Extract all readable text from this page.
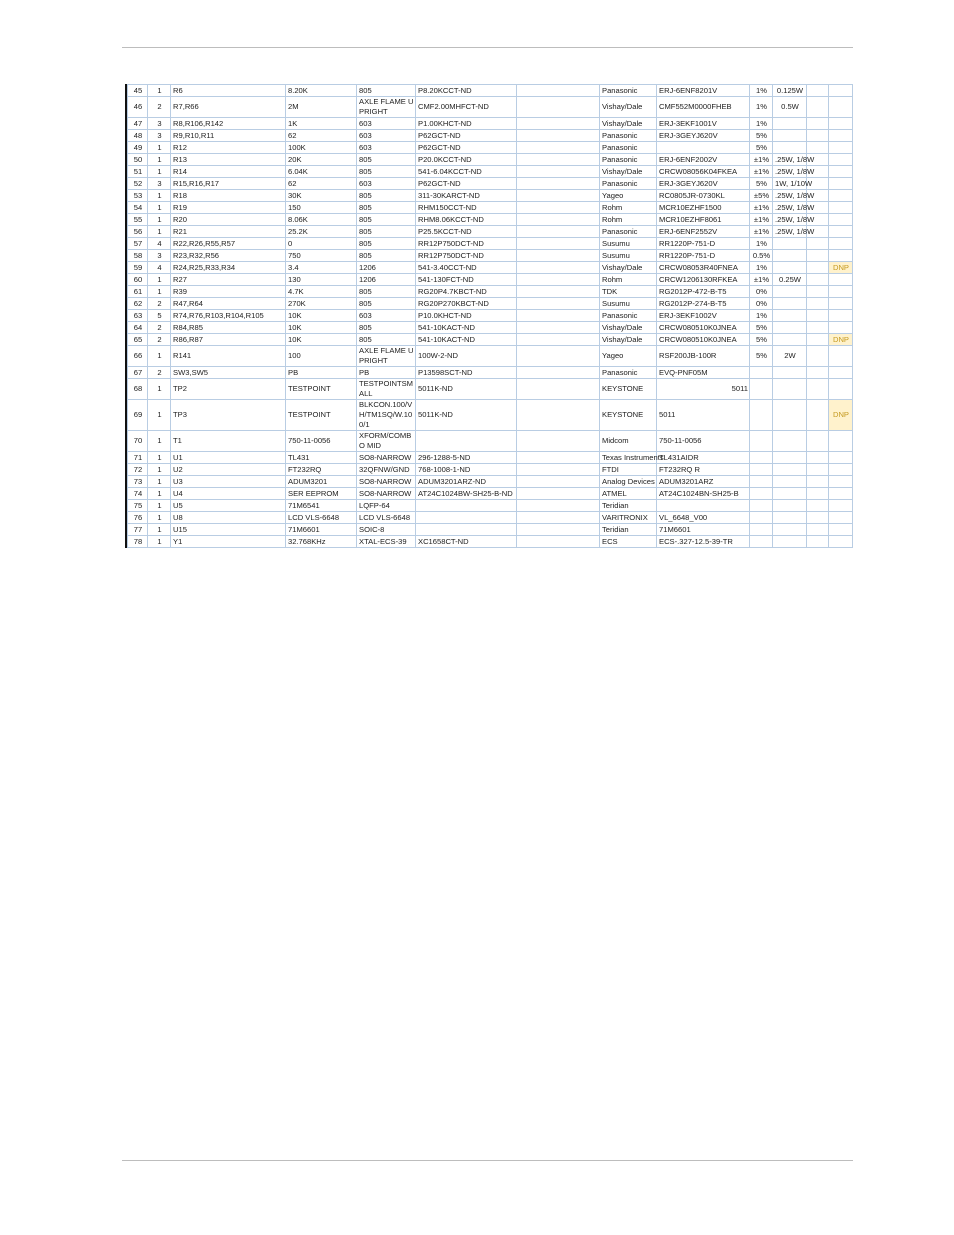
45	1	R6	8.20K	805	P8.20KCCT-ND		Panasonic	ERJ-6ENF8201V	1%	0.125W		
46	2	R7,R66	2M	AXLE FLAME UPRIGHT	CMF2.00MHFCT-ND		Vishay/Dale	CMF552M0000FHEB	1%	0.5W		
47	3	R8,R106,R142	1K	603	P1.00KHCT-ND		Vishay/Dale	ERJ-3EKF1001V	1%			
48	3	R9,R10,R11	62	603	P62GCT-ND		Panasonic	ERJ-3GEYJ620V	5%			
49	1	R12	100K	603	P62GCT-ND		Panasonic		5%			
50	1	R13	20K	805	P20.0KCCT-ND		Panasonic	ERJ-6ENF2002V	±1%	.25W, 1/8W		
51	1	R14	6.04K	805	541-6.04KCCT-ND		Vishay/Dale	CRCW08056K04FKEA	±1%	.25W, 1/8W		
52	3	R15,R16,R17	62	603	P62GCT-ND		Panasonic	ERJ-3GEYJ620V	5%	1W, 1/10W		
53	1	R18	30K	805	311-30KARCT-ND		Yageo	RC0805JR-0730KL	±5%	.25W, 1/8W		
54	1	R19	150	805	RHM150CCT-ND		Rohm	MCR10EZHF1500	±1%	.25W, 1/8W		
55	1	R20	8.06K	805	RHM8.06KCCT-ND		Rohm	MCR10EZHF8061	±1%	.25W, 1/8W		
56	1	R21	25.2K	805	P25.5KCCT-ND		Panasonic	ERJ-6ENF2552V	±1%	.25W, 1/8W		
57	4	R22,R26,R55,R57	0	805	RR12P750DCT-ND		Susumu	RR1220P-751-D	1%			
58	3	R23,R32,R56	750	805	RR12P750DCT-ND		Susumu	RR1220P-751-D	0.5%			
59	4	R24,R25,R33,R34	3.4	1206	541-3.40CCT-ND		Vishay/Dale	CRCW08053R40FNEA	1%			DNP
60	1	R27	130	1206	541-130FCT-ND		Rohm	CRCW1206130RFKEA	±1%	0.25W		
61	1	R39	4.7K	805	RG20P4.7KBCT-ND		TDK	RG2012P-472-B-T5	0%			
62	2	R47,R64	270K	805	RG20P270KBCT-ND		Susumu	RG2012P-274-B-T5	0%			
63	5	R74,R76,R103,R104,R105	10K	603	P10.0KHCT-ND		Panasonic	ERJ-3EKF1002V	1%			
64	2	R84,R85	10K	805	541-10KACT-ND		Vishay/Dale	CRCW080510K0JNEA	5%			
65	2	R86,R87	10K	805	541-10KACT-ND		Vishay/Dale	CRCW080510K0JNEA	5%			DNP
66	1	R141	100	AXLE FLAME UPRIGHT	100W-2-ND		Yageo	RSF200JB-100R	5%	2W		
67	2	SW3,SW5	PB	PB	P13598SCT-ND		Panasonic	EVQ-PNF05M				
68	1	TP2	TESTPOINT	TESTPOINTSMALL	5011K-ND		KEYSTONE	5011				
69	1	TP3	TESTPOINT	BLKCON.100/VH/TM1SQ/W.100/1	5011K-ND		KEYSTONE	5011				DNP
70	1	T1	750-11-0056	XFORM/COMBO MID			Midcom	750-11-0056				
71	1	U1	TL431	SO8-NARROW	296-1288-5-ND		Texas Instruments	TL431AIDR				
72	1	U2	FT232RQ	32QFNW/GND	768-1008-1-ND		FTDI	FT232RQ R				
73	1	U3	ADUM3201	SO8-NARROW	ADUM3201ARZ-ND		Analog Devices	ADUM3201ARZ				
74	1	U4	SER EEPROM	SO8-NARROW	AT24C1024BW-SH25-B-ND		ATMEL	AT24C1024BN-SH25-B				
75	1	U5	71M6541	LQFP-64			Teridian					
76	1	U8	LCD VLS-6648	LCD VLS-6648			VARITRONIX	VL_6648_V00				
77	1	U15	71M6601	SOIC-8			Teridian	71M6601				
78	1	Y1	32.768KHz	XTAL-ECS-39	XC1658CT-ND		ECS	ECS-.327-12.5-39-TR				
